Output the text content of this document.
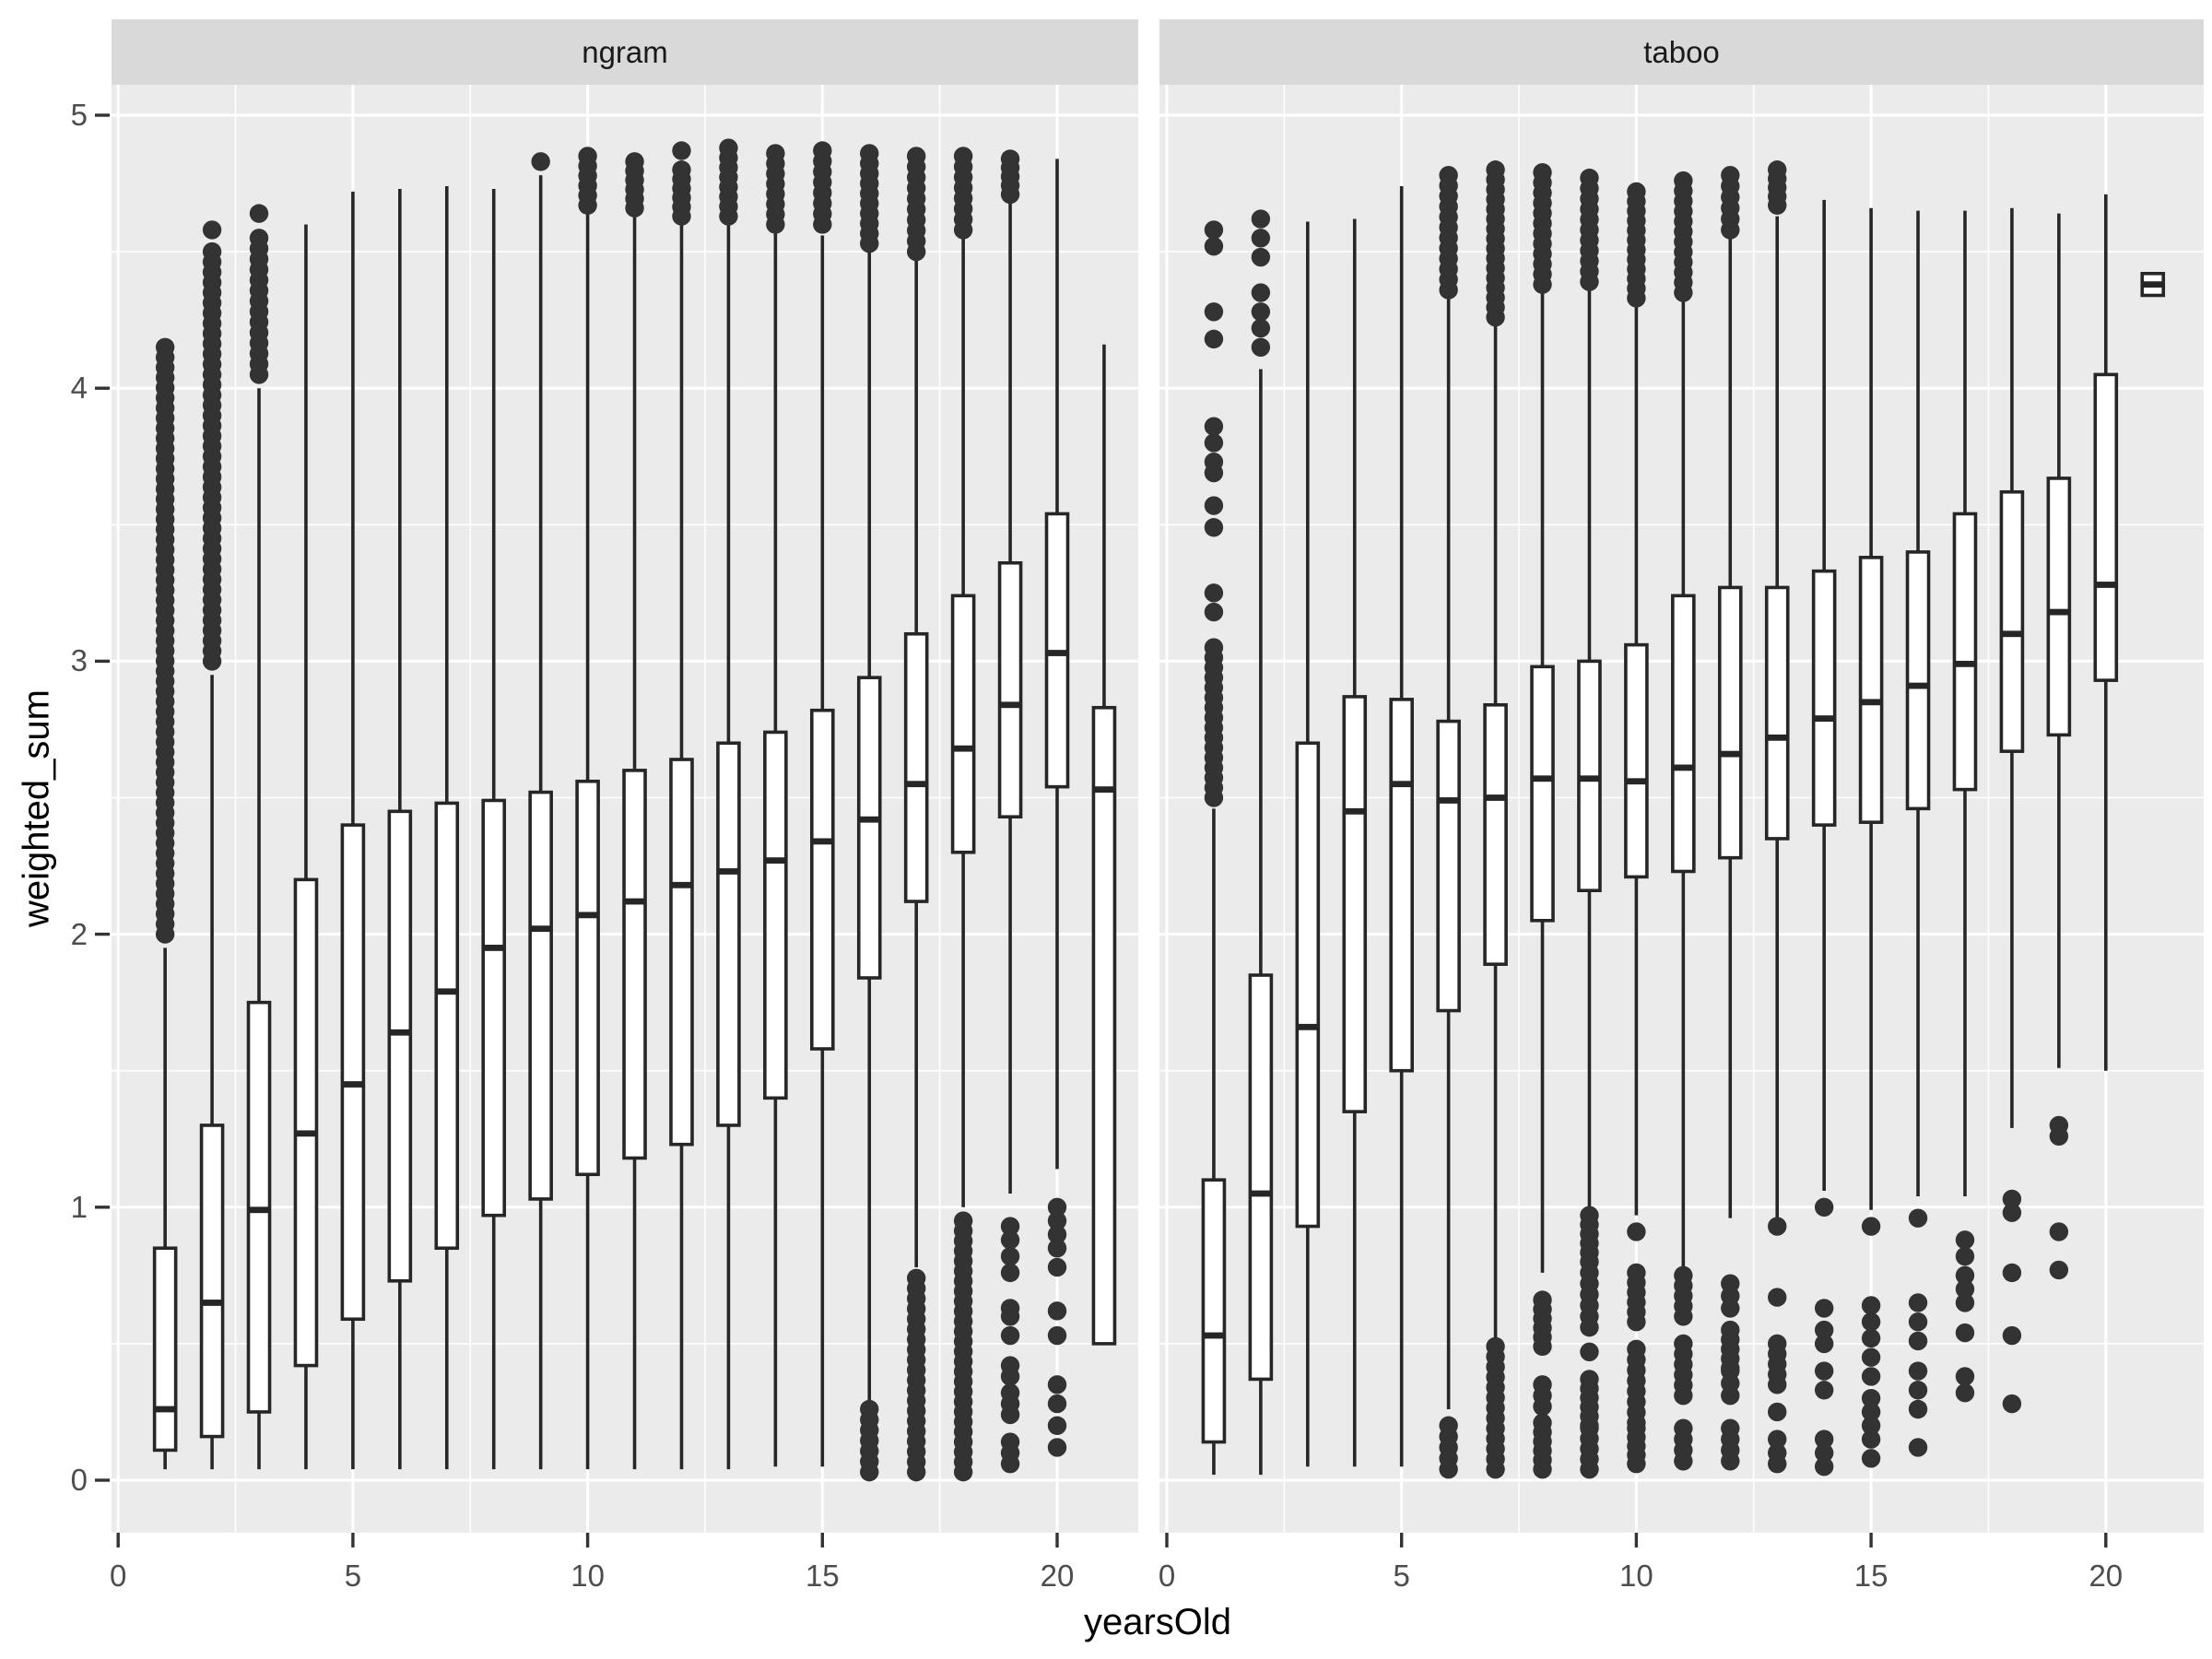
ngram	taboo
0
1
2
3
4
5
0	5	10	15	20	0	5	10	15	20
yearsOld
weighted_sum
